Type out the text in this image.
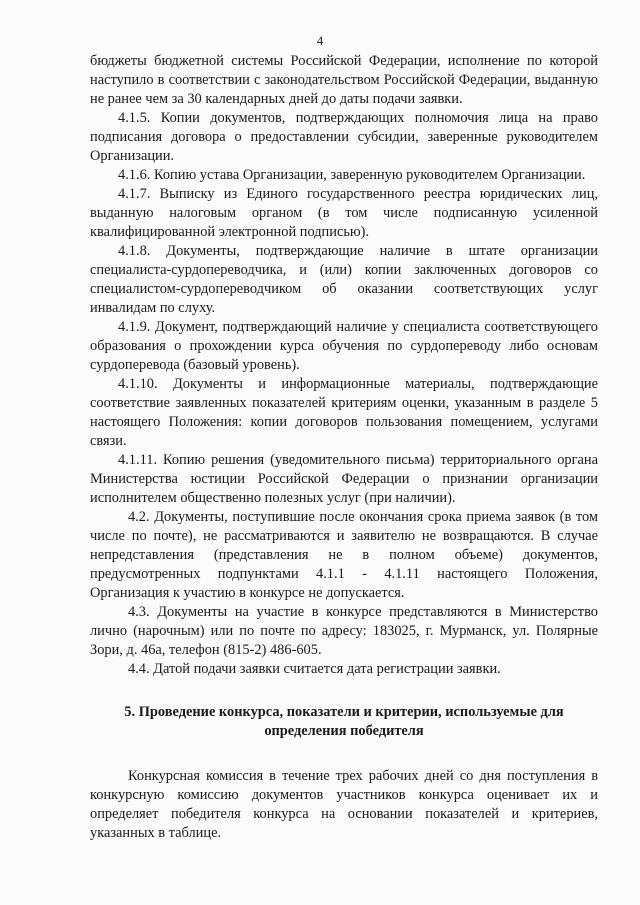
4

бюджеты бюджетной системы Российской Федерации, исполнение по которой наступило в соответствии с законодательством Российской Федерации, выданную не ранее чем за 30 календарных дней до даты подачи заявки.

4.1.5. Копии документов, подтверждающих полномочия лица на право подписания договора о предоставлении субсидии, заверенные руководителем Организации.

4.1.6. Копию устава Организации, заверенную руководителем Организации.

4.1.7. Выписку из Единого государственного реестра юридических лиц, выданную налоговым органом (в том числе подписанную усиленной квалифицированной электронной подписью).

4.1.8. Документы, подтверждающие наличие в штате организации специалиста-сурдопереводчика, и (или) копии заключенных договоров со специалистом-сурдопереводчиком об оказании соответствующих услуг инвалидам по слуху.

4.1.9. Документ, подтверждающий наличие у специалиста соответствующего образования о прохождении курса обучения по сурдопереводу либо основам сурдоперевода (базовый уровень).

4.1.10. Документы и информационные материалы, подтверждающие соответствие заявленных показателей критериям оценки, указанным в разделе 5 настоящего Положения: копии договоров пользования помещением, услугами связи.

4.1.11. Копию решения (уведомительного письма) территориального органа Министерства юстиции Российской Федерации о признании организации исполнителем общественно полезных услуг (при наличии).

4.2. Документы, поступившие после окончания срока приема заявок (в том числе по почте), не рассматриваются и заявителю не возвращаются. В случае непредставления (представления не в полном объеме) документов, предусмотренных подпунктами 4.1.1 - 4.1.11 настоящего Положения, Организация к участию в конкурсе не допускается.

4.3. Документы на участие в конкурсе представляются в Министерство лично (нарочным) или по почте по адресу: 183025, г. Мурманск, ул. Полярные Зори, д. 46а, телефон (815-2) 486-605.

4.4. Датой подачи заявки считается дата регистрации заявки.

5. Проведение конкурса, показатели и критерии, используемые для определения победителя

Конкурсная комиссия в течение трех рабочих дней со дня поступления в конкурсную комиссию документов участников конкурса оценивает их и определяет победителя конкурса на основании показателей и критериев, указанных в таблице.
